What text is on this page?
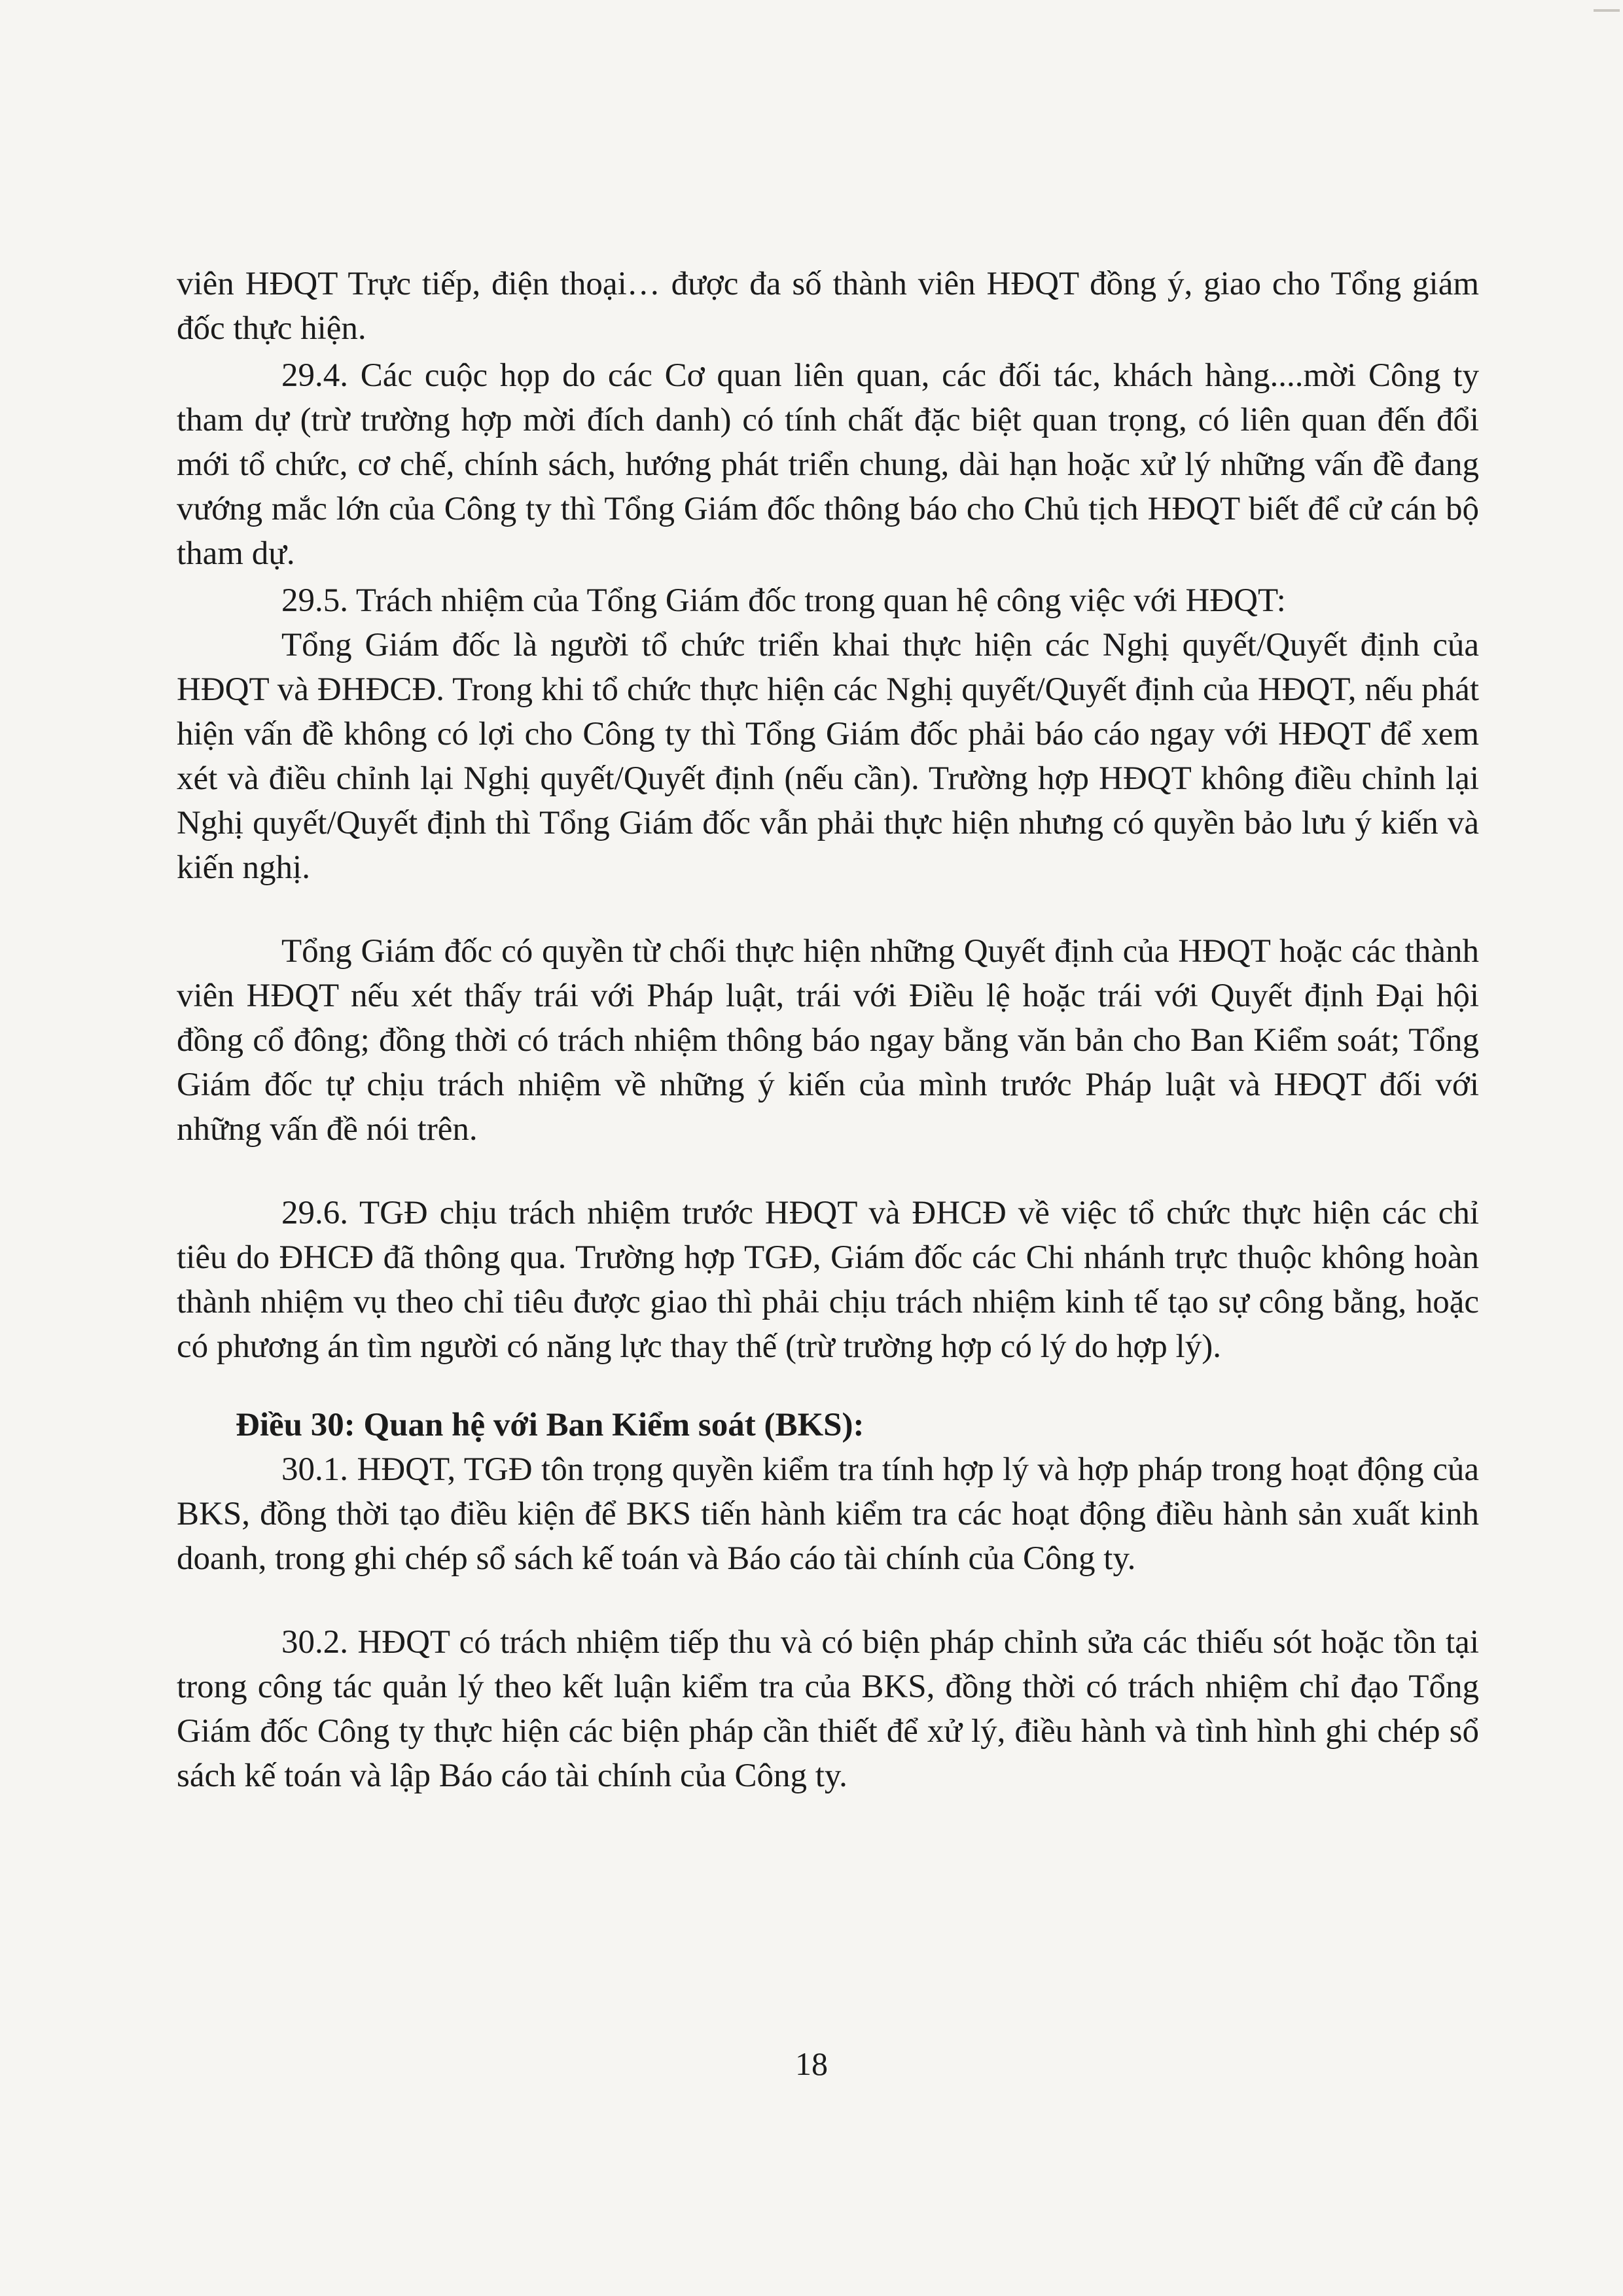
viên HĐQT Trực tiếp, điện thoại… được đa số thành viên HĐQT đồng ý, giao cho Tổng giám đốc thực hiện.

29.4. Các cuộc họp do các Cơ quan liên quan, các đối tác, khách hàng....mời Công ty tham dự (trừ trường hợp mời đích danh) có tính chất đặc biệt quan trọng, có liên quan đến đổi mới tổ chức, cơ chế, chính sách, hướng phát triển chung, dài hạn hoặc xử lý những vấn đề đang vướng mắc lớn của Công ty thì Tổng Giám đốc thông báo cho Chủ tịch HĐQT biết để cử cán bộ tham dự.

29.5. Trách nhiệm của Tổng Giám đốc trong quan hệ công việc với HĐQT:

Tổng Giám đốc là người tổ chức triển khai thực hiện các Nghị quyết/Quyết định của HĐQT và ĐHĐCĐ. Trong khi tổ chức thực hiện các Nghị quyết/Quyết định của HĐQT, nếu phát hiện vấn đề không có lợi cho Công ty thì Tổng Giám đốc phải báo cáo ngay với HĐQT để xem xét và điều chỉnh lại Nghị quyết/Quyết định (nếu cần). Trường hợp HĐQT không điều chỉnh lại Nghị quyết/Quyết định thì Tổng Giám đốc vẫn phải thực hiện nhưng có quyền bảo lưu ý kiến và kiến nghị.

Tổng Giám đốc có quyền từ chối thực hiện những Quyết định của HĐQT hoặc các thành viên HĐQT nếu xét thấy trái với Pháp luật, trái với Điều lệ hoặc trái với Quyết định Đại hội đồng cổ đông; đồng thời có trách nhiệm thông báo ngay bằng văn bản cho Ban Kiểm soát; Tổng Giám đốc tự chịu trách nhiệm về những ý kiến của mình trước Pháp luật và HĐQT đối với những vấn đề nói trên.

29.6. TGĐ chịu trách nhiệm trước HĐQT và ĐHCĐ về việc tổ chức thực hiện các chỉ tiêu do ĐHCĐ đã thông qua. Trường hợp TGĐ, Giám đốc các Chi nhánh trực thuộc không hoàn thành nhiệm vụ theo chỉ tiêu được giao thì phải chịu trách nhiệm kinh tế tạo sự công bằng, hoặc có phương án tìm người có năng lực thay thế (trừ trường hợp có lý do hợp lý).

Điều 30: Quan hệ với Ban Kiểm soát (BKS):

30.1. HĐQT, TGĐ tôn trọng quyền kiểm tra tính hợp lý và hợp pháp trong hoạt động của BKS, đồng thời tạo điều kiện để BKS tiến hành kiểm tra các hoạt động điều hành sản xuất kinh doanh, trong ghi chép sổ sách kế toán và Báo cáo tài chính của Công ty.

30.2. HĐQT có trách nhiệm tiếp thu và có biện pháp chỉnh sửa các thiếu sót hoặc tồn tại trong công tác quản lý theo kết luận kiểm tra của BKS, đồng thời có trách nhiệm chỉ đạo Tổng Giám đốc Công ty thực hiện các biện pháp cần thiết để xử lý, điều hành và tình hình ghi chép sổ sách kế toán và lập Báo cáo tài chính của Công ty.

18
